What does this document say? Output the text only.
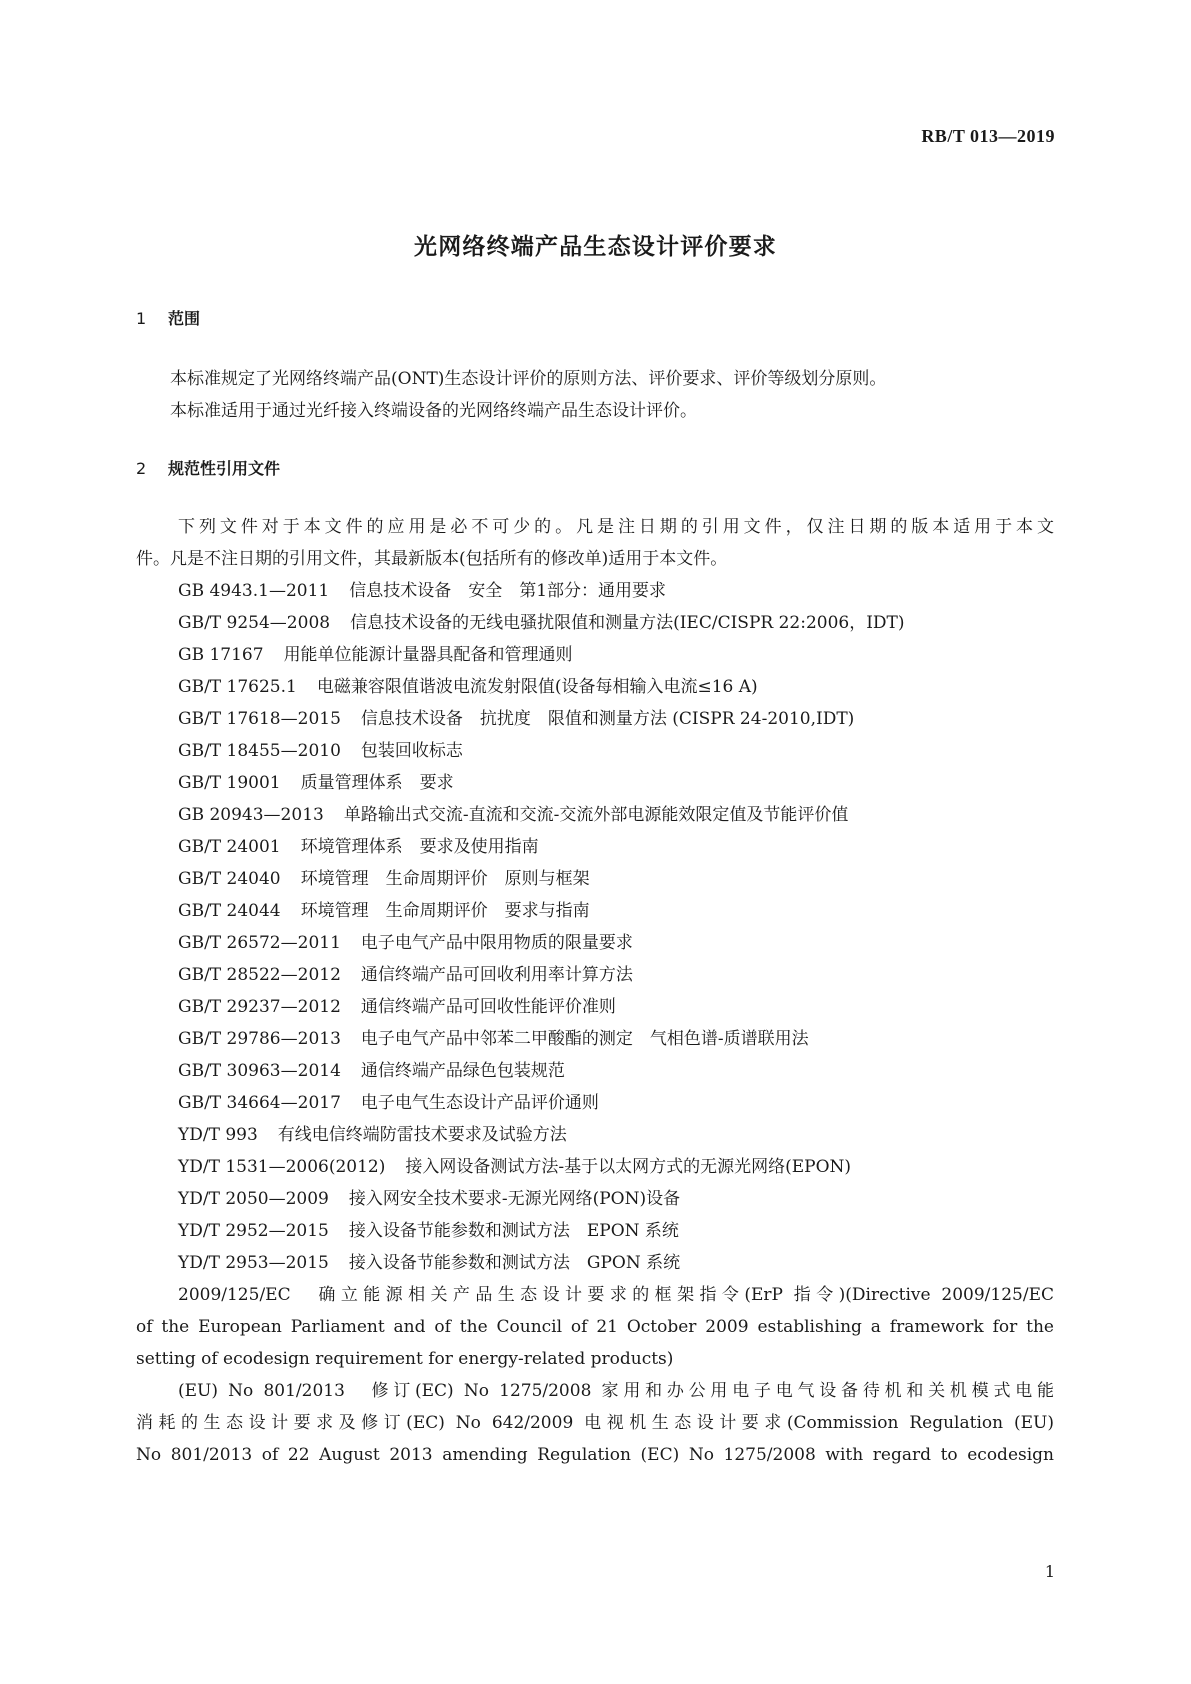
RB/T 013—2019
光网络终端产品生态设计评价要求
1 范围

本标准规定了光网络终端产品(ONT)生态设计评价的原则方法、评价要求、评价等级划分原则。

本标准适用于通过光纤接入终端设备的光网络终端产品生态设计评价。

2 规范性引用文件

下列文件对于本文件的应用是必不可少的。凡是注日期的引用文件，仅注日期的版本适用于本文

件。凡是不注日期的引用文件，其最新版本(包括所有的修改单)适用于本文件。

GB 4943.1—2011 信息技术设备　安全　第1部分：通用要求

GB/T 9254—2008 信息技术设备的无线电骚扰限值和测量方法(IEC/CISPR 22:2006，IDT)

GB 17167 用能单位能源计量器具配备和管理通则

GB/T 17625.1 电磁兼容限值谐波电流发射限值(设备每相输入电流≤16 A)

GB/T 17618—2015 信息技术设备　抗扰度　限值和测量方法 (CISPR 24-2010,IDT)

GB/T 18455—2010 包装回收标志

GB/T 19001 质量管理体系　要求

GB 20943—2013 单路输出式交流-直流和交流-交流外部电源能效限定值及节能评价值

GB/T 24001 环境管理体系　要求及使用指南

GB/T 24040 环境管理　生命周期评价　原则与框架

GB/T 24044 环境管理　生命周期评价　要求与指南

GB/T 26572—2011 电子电气产品中限用物质的限量要求

GB/T 28522—2012 通信终端产品可回收利用率计算方法

GB/T 29237—2012 通信终端产品可回收性能评价准则

GB/T 29786—2013 电子电气产品中邻苯二甲酸酯的测定　气相色谱-质谱联用法

GB/T 30963—2014 通信终端产品绿色包装规范

GB/T 34664—2017 电子电气生态设计产品评价通则

YD/T 993 有线电信终端防雷技术要求及试验方法

YD/T 1531—2006(2012) 接入网设备测试方法-基于以太网方式的无源光网络(EPON)

YD/T 2050—2009 接入网安全技术要求-无源光网络(PON)设备

YD/T 2952—2015 接入设备节能参数和测试方法　EPON 系统

YD/T 2953—2015 接入设备节能参数和测试方法　GPON 系统

2009/125/EC　确立能源相关产品生态设计要求的框架指令(ErP 指令)(Directive 2009/125/EC

of the European Parliament and of the Council of 21 October 2009 establishing a framework for the

setting of ecodesign requirement for energy-related products)

(EU) No 801/2013　修订(EC) No 1275/2008 家用和办公用电子电气设备待机和关机模式电能

消耗的生态设计要求及修订(EC) No 642/2009 电视机生态设计要求(Commission Regulation (EU)

No 801/2013 of 22 August 2013 amending Regulation (EC) No 1275/2008 with regard to ecodesign

1
